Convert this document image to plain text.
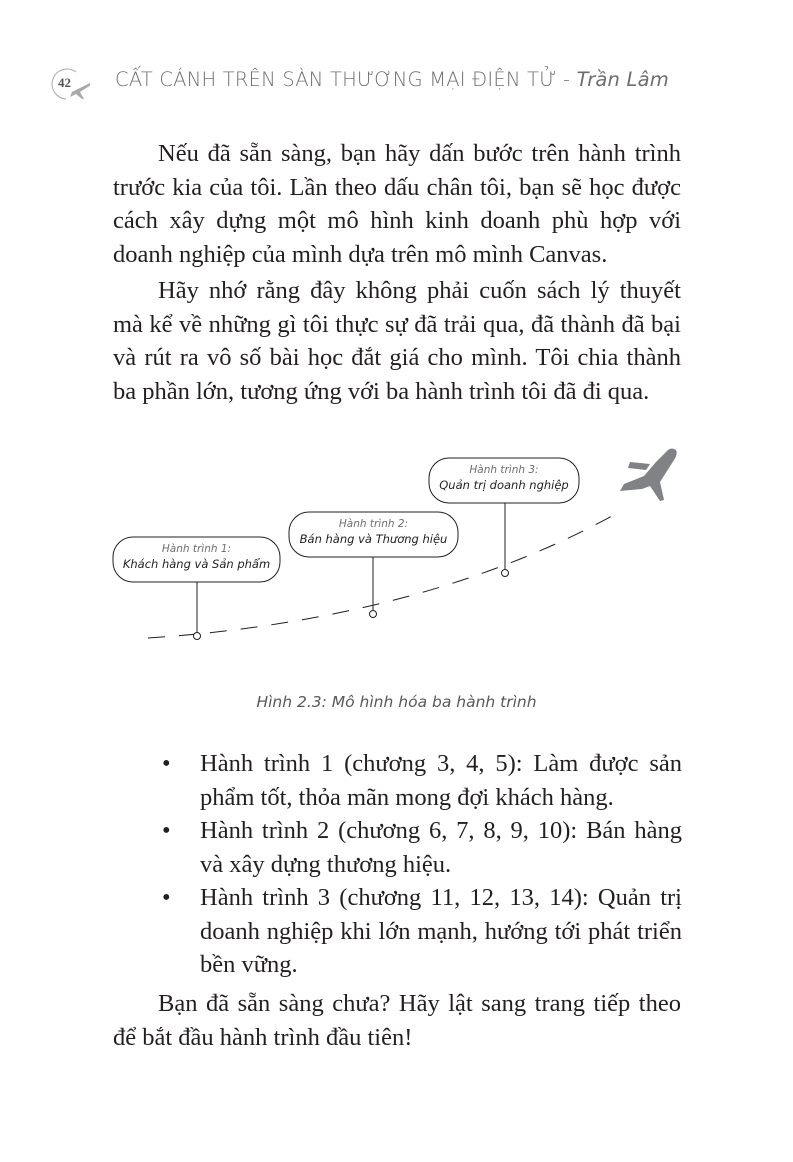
42 CẤT CÁNH TRÊN SÀN THƯƠNG MẠI ĐIỆN TỬ - Trần Lâm

Nếu đã sẵn sàng, bạn hãy dấn bước trên hành trình trước kia của tôi. Lần theo dấu chân tôi, bạn sẽ học được cách xây dựng một mô hình kinh doanh phù hợp với doanh nghiệp của mình dựa trên mô mình Canvas.

Hãy nhớ rằng đây không phải cuốn sách lý thuyết mà kể về những gì tôi thực sự đã trải qua, đã thành đã bại và rút ra vô số bài học đắt giá cho mình. Tôi chia thành ba phần lớn, tương ứng với ba hành trình tôi đã đi qua.

Hành trình 1:
Khách hàng và Sản phẩm
Hành trình 2:
Bán hàng và Thương hiệu
Hành trình 3:
Quản trị doanh nghiệp
Hình 2.3: Mô hình hóa ba hành trình
• Hành trình 1 (chương 3, 4, 5): Làm được sản phẩm tốt, thỏa mãn mong đợi khách hàng.
• Hành trình 2 (chương 6, 7, 8, 9, 10): Bán hàng và xây dựng thương hiệu.
• Hành trình 3 (chương 11, 12, 13, 14): Quản trị doanh nghiệp khi lớn mạnh, hướng tới phát triển bền vững.

Bạn đã sẵn sàng chưa? Hãy lật sang trang tiếp theo để bắt đầu hành trình đầu tiên!
